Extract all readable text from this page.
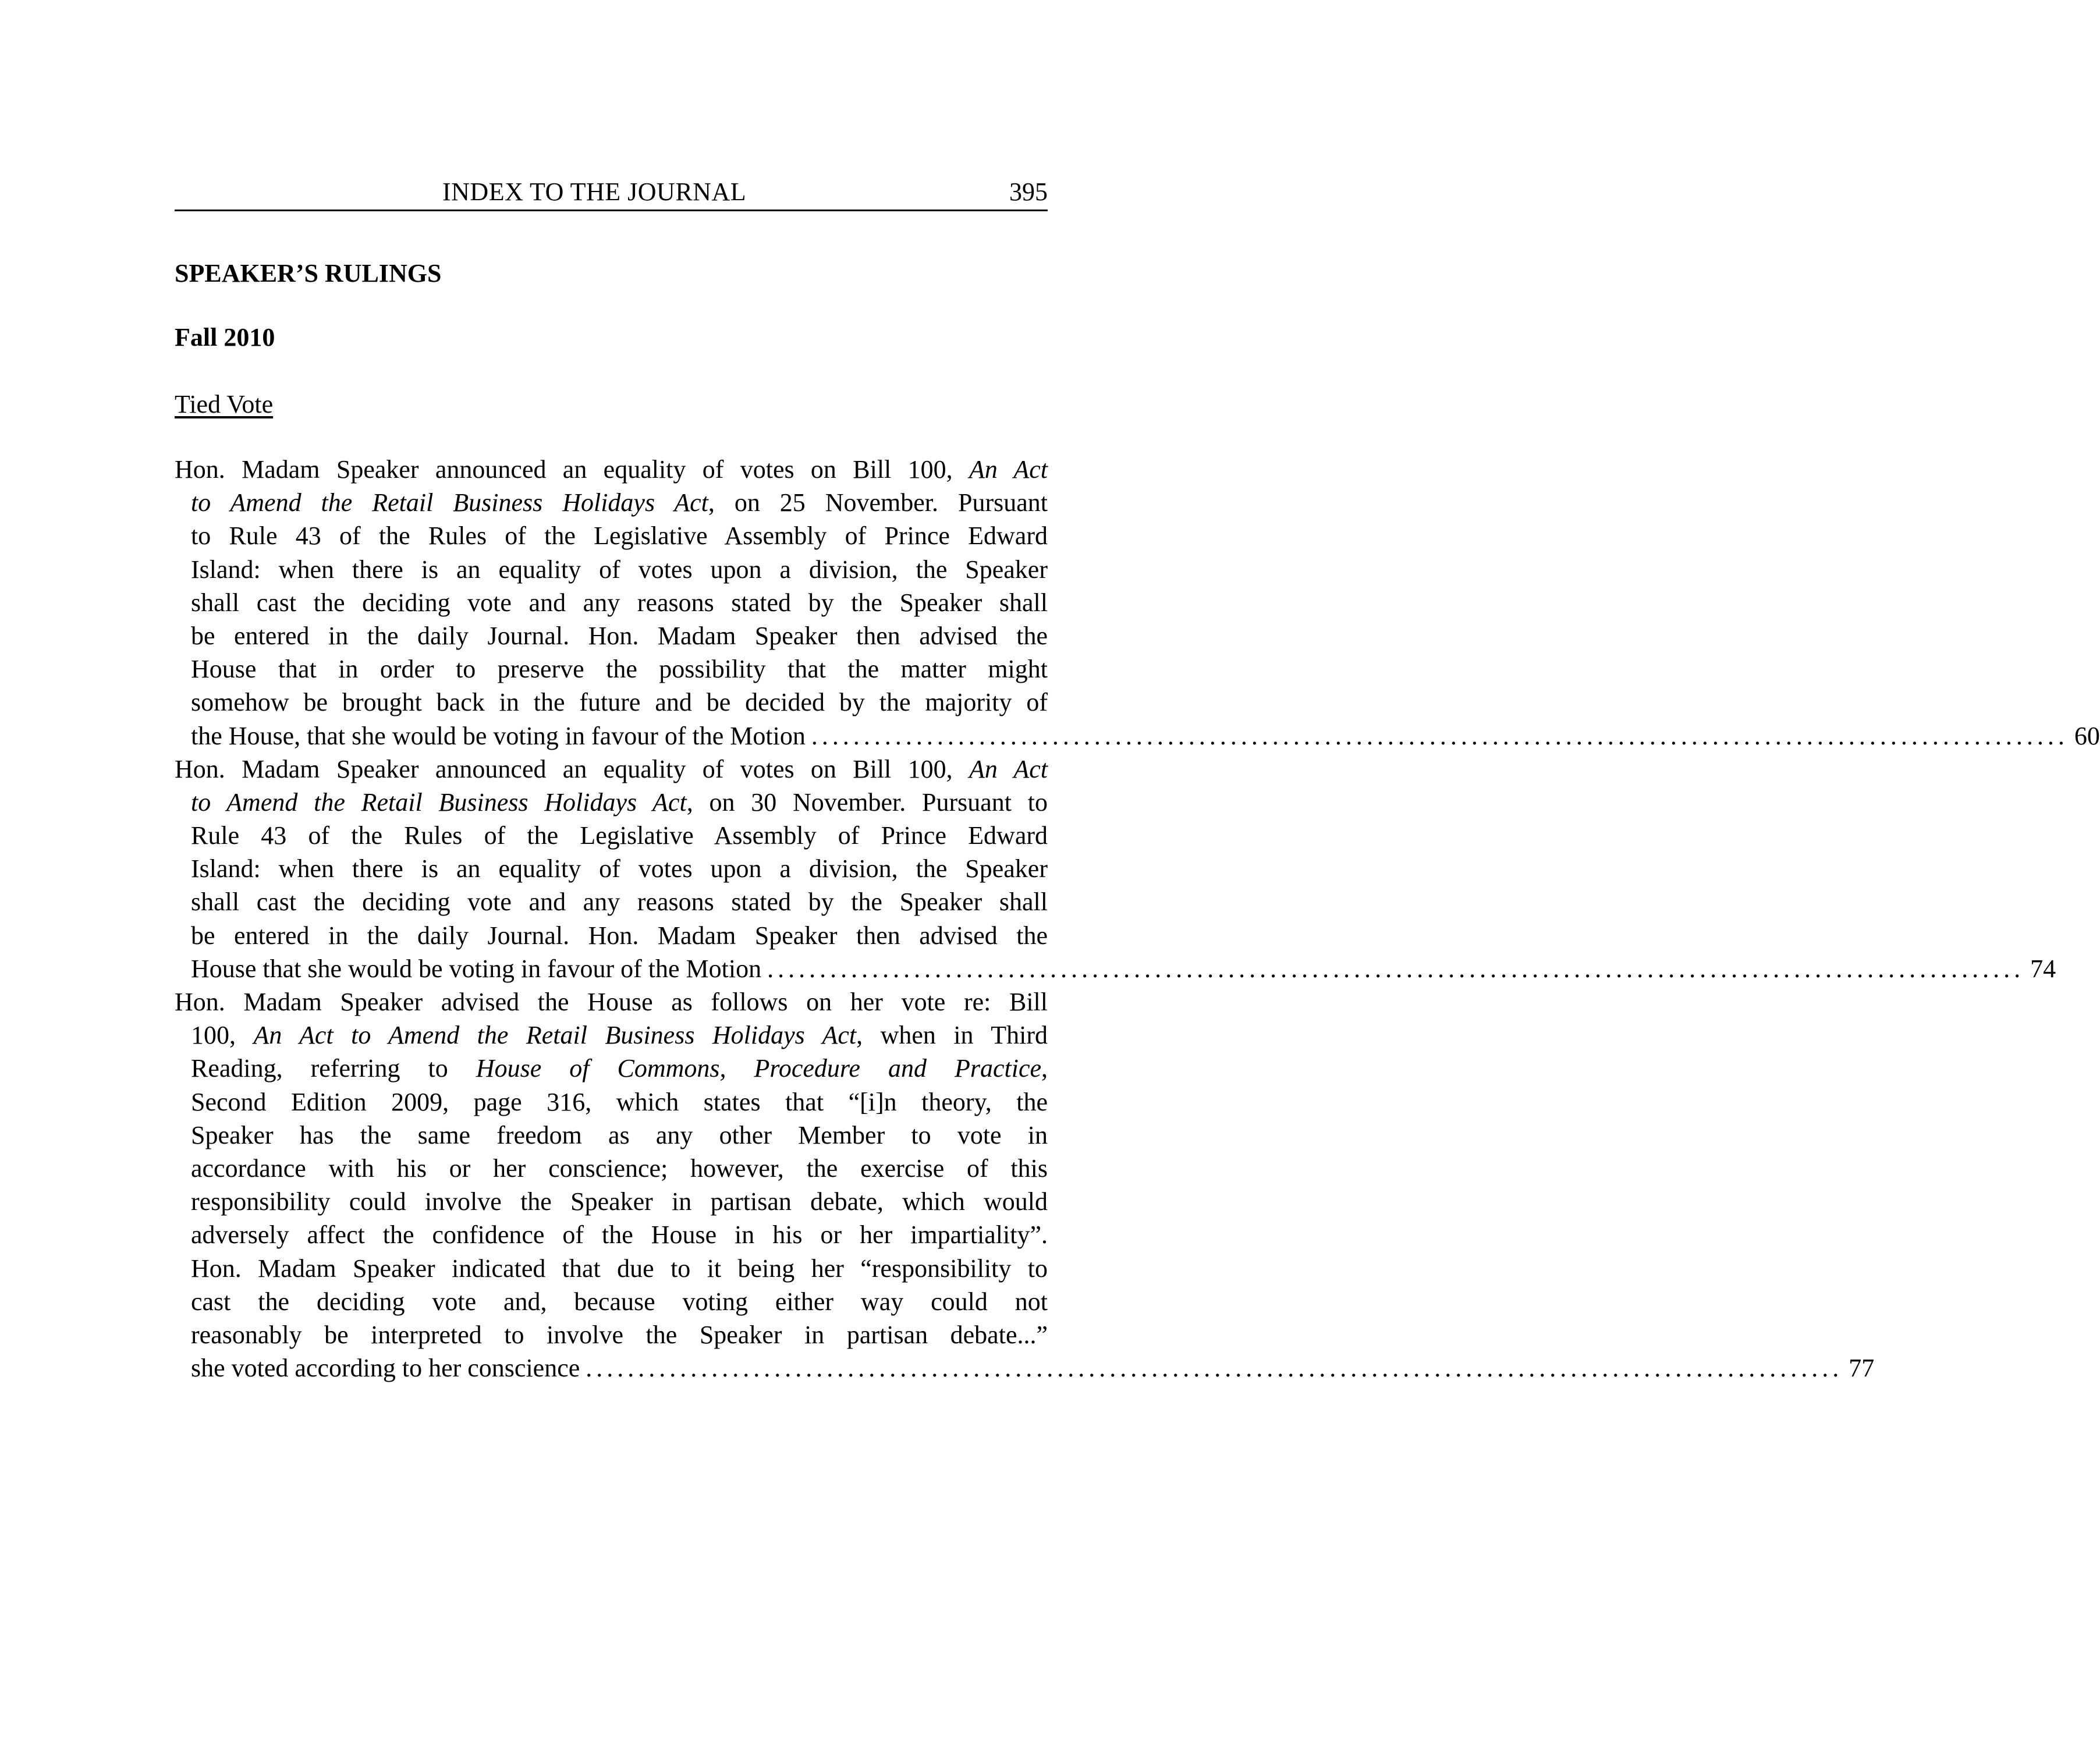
INDEX TO THE JOURNAL	395
SPEAKER’S RULINGS
Fall 2010
Tied Vote
Hon. Madam Speaker announced an equality of votes on Bill 100, An Act
to Amend the Retail Business Holidays Act, on 25 November. Pursuant
to Rule 43 of the Rules of the Legislative Assembly of Prince Edward
Island: when there is an equality of votes upon a division, the Speaker
shall cast the deciding vote and any reasons stated by the Speaker shall
be entered in the daily Journal. Hon. Madam Speaker then advised the
House that in order to preserve the possibility that the matter might
somehow be brought back in the future and be decided by the majority of
the House, that she would be voting in favour of the Motion ........................................................................................................................ 60
Hon. Madam Speaker announced an equality of votes on Bill 100, An Act
to Amend the Retail Business Holidays Act, on 30 November. Pursuant to
Rule 43 of the Rules of the Legislative Assembly of Prince Edward
Island: when there is an equality of votes upon a division, the Speaker
shall cast the deciding vote and any reasons stated by the Speaker shall
be entered in the daily Journal. Hon. Madam Speaker then advised the
House that she would be voting in favour of the Motion ........................................................................................................................ 74
Hon. Madam Speaker advised the House as follows on her vote re: Bill
100, An Act to Amend the Retail Business Holidays Act, when in Third
Reading, referring to House of Commons, Procedure and Practice,
Second Edition 2009, page 316, which states that “[i]n theory, the
Speaker has the same freedom as any other Member to vote in
accordance with his or her conscience; however, the exercise of this
responsibility could involve the Speaker in partisan debate, which would
adversely affect the confidence of the House in his or her impartiality”.
Hon. Madam Speaker indicated that due to it being her “responsibility to
cast the deciding vote and, because voting either way could not
reasonably be interpreted to involve the Speaker in partisan debate...”
she voted according to her conscience ........................................................................................................................ 77
